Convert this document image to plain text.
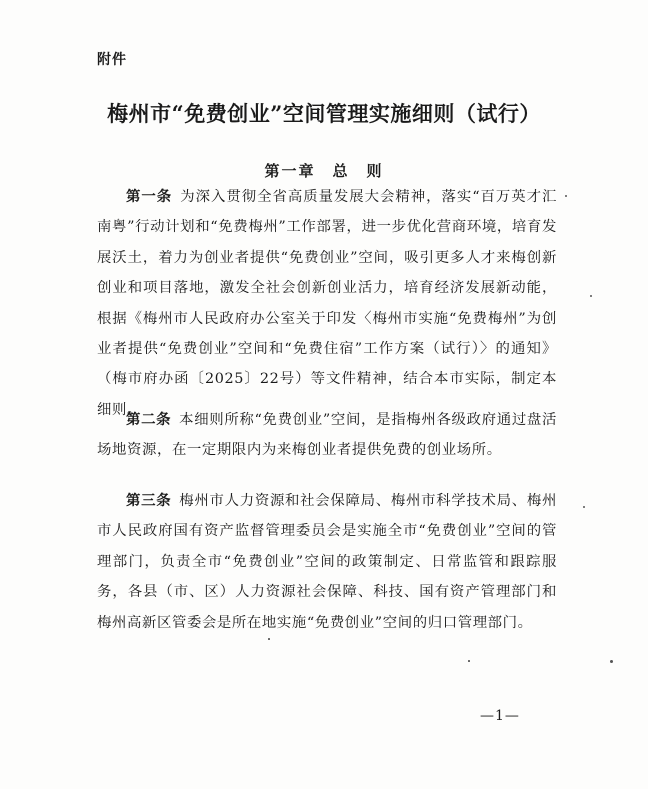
附件
梅州市“免费创业”空间管理实施细则（试行）
第一章　总　则

第一条  为深入贯彻全省高质量发展大会精神，落实“百万英才汇南粤”行动计划和“免费梅州”工作部署，进一步优化营商环境，培育发展沃土，着力为创业者提供“免费创业”空间，吸引更多人才来梅创新创业和项目落地，激发全社会创新创业活力，培育经济发展新动能，根据《梅州市人民政府办公室关于印发〈梅州市实施“免费梅州”为创业者提供“免费创业”空间和“免费住宿”工作方案（试行）〉的通知》（梅市府办函〔2025〕22号）等文件精神，结合本市实际，制定本细则。

第二条  本细则所称“免费创业”空间，是指梅州各级政府通过盘活场地资源，在一定期限内为来梅创业者提供免费的创业场所。

第三条  梅州市人力资源和社会保障局、梅州市科学技术局、梅州市人民政府国有资产监督管理委员会是实施全市“免费创业”空间的管理部门，负责全市“免费创业”空间的政策制定、日常监管和跟踪服务，各县（市、区）人力资源社会保障、科技、国有资产管理部门和梅州高新区管委会是所在地实施“免费创业”空间的归口管理部门。

—1—
